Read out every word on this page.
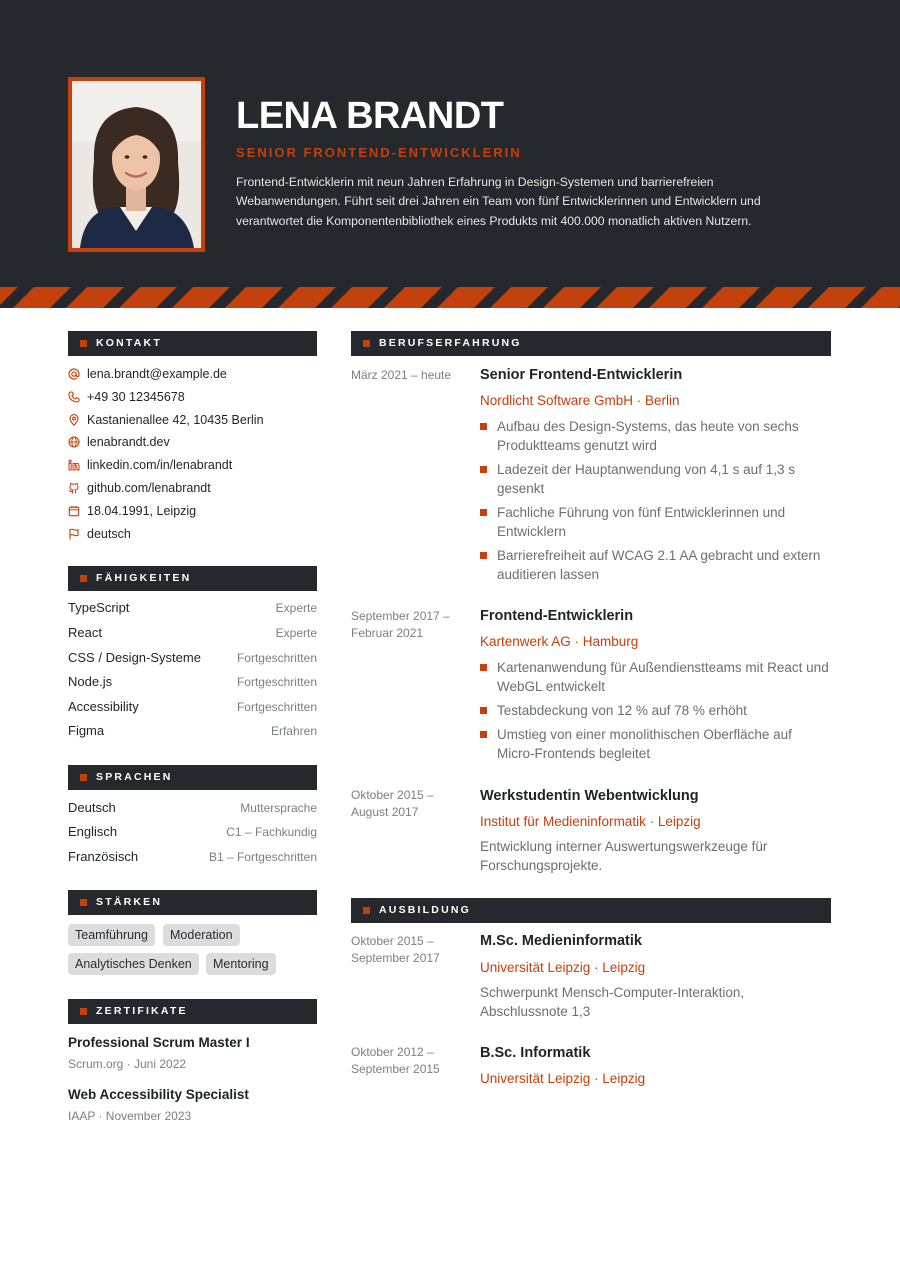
LENA BRANDT
SENIOR FRONTEND-ENTWICKLERIN
Frontend-Entwicklerin mit neun Jahren Erfahrung in Design-Systemen und barrierefreien Webanwendungen. Führt seit drei Jahren ein Team von fünf Entwicklerinnen und Entwicklern und verantwortet die Komponentenbibliothek eines Produkts mit 400.000 monatlich aktiven Nutzern.
KONTAKT
lena.brandt@example.de
+49 30 12345678
Kastanienallee 42, 10435 Berlin
lenabrandt.dev
linkedin.com/in/lenabrandt
github.com/lenabrandt
18.04.1991, Leipzig
deutsch
FÄHIGKEITEN
TypeScript	Experte
React	Experte
CSS / Design-Systeme	Fortgeschritten
Node.js	Fortgeschritten
Accessibility	Fortgeschritten
Figma	Erfahren
SPRACHEN
Deutsch	Muttersprache
Englisch	C1 – Fachkundig
Französisch	B1 – Fortgeschritten
STÄRKEN
Teamführung	Moderation
Analytisches Denken	Mentoring
ZERTIFIKATE
Professional Scrum Master I
Scrum.org · Juni 2022
Web Accessibility Specialist
IAAP · November 2023
BERUFSERFAHRUNG
März 2021 – heute	Senior Frontend-Entwicklerin
Nordlicht Software GmbH · Berlin
Aufbau des Design-Systems, das heute von sechs Produktteams genutzt wird
Ladezeit der Hauptanwendung von 4,1 s auf 1,3 s gesenkt
Fachliche Führung von fünf Entwicklerinnen und Entwicklern
Barrierefreiheit auf WCAG 2.1 AA gebracht und extern auditieren lassen
September 2017 – Februar 2021
Frontend-Entwicklerin
Kartenwerk AG · Hamburg
Kartenanwendung für Außendienstteams mit React und WebGL entwickelt
Testabdeckung von 12 % auf 78 % erhöht
Umstieg von einer monolithischen Oberfläche auf Micro-Frontends begleitet
Oktober 2015 – August 2017
Werkstudentin Webentwicklung
Institut für Medieninformatik · Leipzig
Entwicklung interner Auswertungswerkzeuge für Forschungsprojekte.
AUSBILDUNG
Oktober 2015 – September 2017
M.Sc. Medieninformatik
Universität Leipzig · Leipzig
Schwerpunkt Mensch-Computer-Interaktion, Abschlussnote 1,3
Oktober 2012 – September 2015
B.Sc. Informatik
Universität Leipzig · Leipzig
